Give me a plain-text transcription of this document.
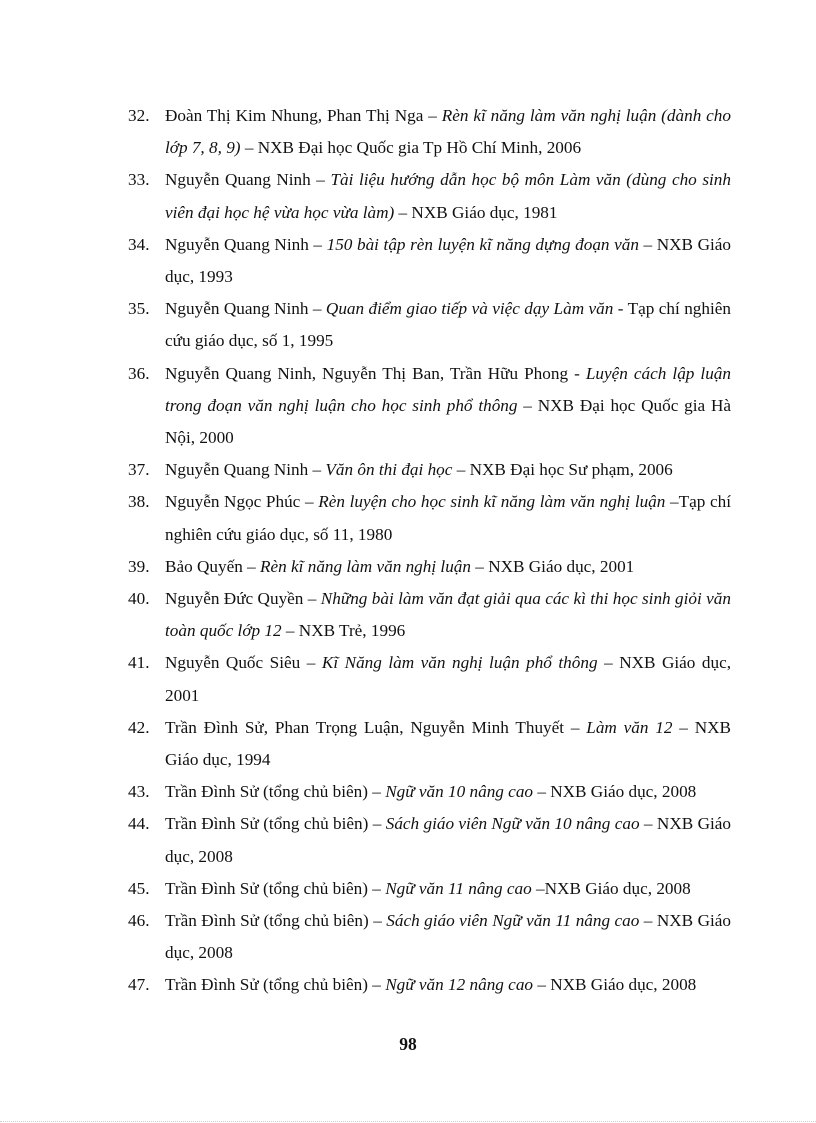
32. Đoàn Thị Kim Nhung, Phan Thị Nga – Rèn kĩ năng làm văn nghị luận (dành cho lớp 7, 8, 9) – NXB Đại học Quốc gia Tp Hồ Chí Minh, 2006
33. Nguyễn Quang Ninh – Tài liệu hướng dẫn học bộ môn Làm văn (dùng cho sinh viên đại học hệ vừa học vừa làm) – NXB Giáo dục, 1981
34. Nguyễn Quang Ninh – 150 bài tập rèn luyện kĩ năng dựng đoạn văn – NXB Giáo dục, 1993
35. Nguyễn Quang Ninh – Quan điểm giao tiếp và việc dạy Làm văn - Tạp chí nghiên cứu giáo dục, số 1, 1995
36. Nguyễn Quang Ninh, Nguyễn Thị Ban, Trần Hữu Phong - Luyện cách lập luận trong đoạn văn nghị luận cho học sinh phổ thông – NXB Đại học Quốc gia Hà Nội, 2000
37. Nguyễn Quang Ninh – Văn ôn thi đại học – NXB Đại học Sư phạm, 2006
38. Nguyễn Ngọc Phúc – Rèn luyện cho học sinh kĩ năng làm văn nghị luận –Tạp chí nghiên cứu giáo dục, số 11, 1980
39. Bảo Quyến – Rèn kĩ năng làm văn nghị luận – NXB Giáo dục, 2001
40. Nguyễn Đức Quyền – Những bài làm văn đạt giải qua các kì thi học sinh giỏi văn toàn quốc lớp 12 – NXB Trẻ, 1996
41. Nguyễn Quốc Siêu – Kĩ Năng làm văn nghị luận phổ thông – NXB Giáo dục, 2001
42. Trần Đình Sử, Phan Trọng Luận, Nguyễn Minh Thuyết – Làm văn 12 – NXB Giáo dục, 1994
43. Trần Đình Sử (tổng chủ biên) – Ngữ văn 10 nâng cao – NXB Giáo dục, 2008
44. Trần Đình Sử (tổng chủ biên) – Sách giáo viên Ngữ văn 10 nâng cao – NXB Giáo dục, 2008
45. Trần Đình Sử (tổng chủ biên) – Ngữ văn 11 nâng cao –NXB Giáo dục, 2008
46. Trần Đình Sử (tổng chủ biên) – Sách giáo viên Ngữ văn 11 nâng cao – NXB Giáo dục, 2008
47. Trần Đình Sử (tổng chủ biên) – Ngữ văn 12 nâng cao – NXB Giáo dục, 2008
98
